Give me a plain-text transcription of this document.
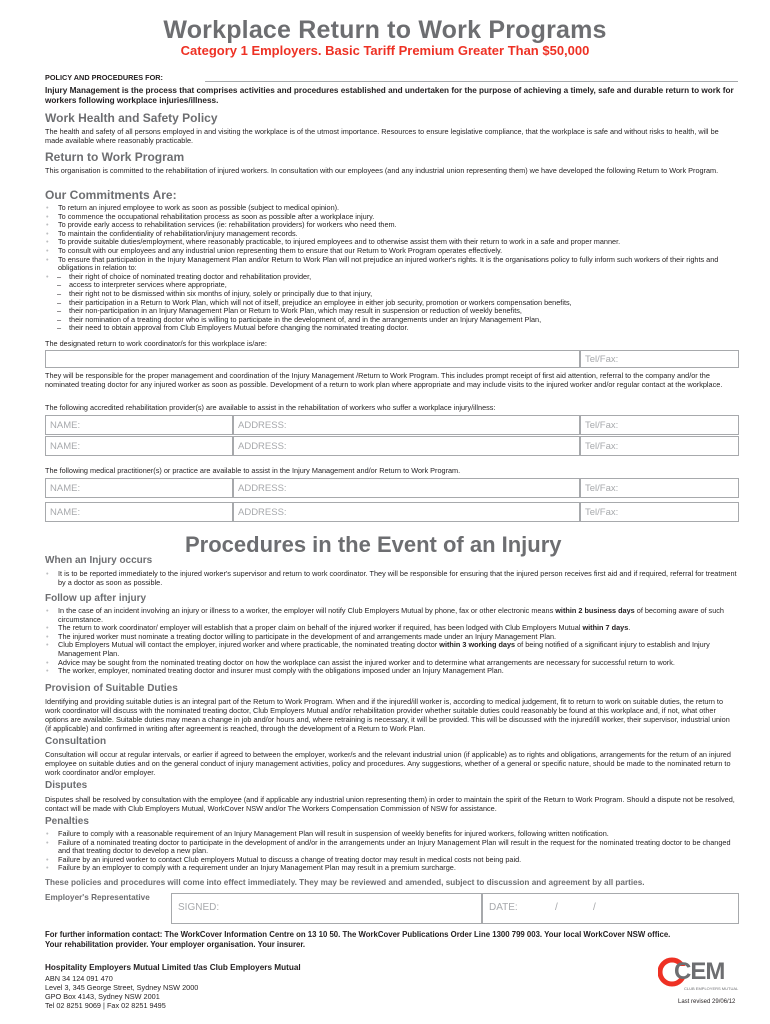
Workplace Return to Work Programs
Category 1 Employers. Basic Tariff Premium Greater Than $50,000
POLICY AND PROCEDURES FOR:
Injury Management is the process that comprises activities and procedures established and undertaken for the purpose of achieving a timely, safe and durable return to work for workers following workplace injuries/illness.
Work Health and Safety Policy
The health and safety of all persons employed in and visiting the workplace is of the utmost importance. Resources to ensure legislative compliance, that the workplace is safe and without risks to health, will be made available where reasonably practicable.
Return to Work Program
This organisation is committed to the rehabilitation of injured workers. In consultation with our employees (and any industrial union representing them) we have developed the following Return to Work Program.
Our Commitments Are:
• To return an injured employee to work as soon as possible (subject to medical opinion).
• To commence the occupational rehabilitation process as soon as possible after a workplace injury.
• To provide early access to rehabilitation services (ie: rehabilitation providers) for workers who need them.
• To maintain the confidentiality of rehabilitation/injury management records.
• To provide suitable duties/employment, where reasonably practicable, to injured employees and to otherwise assist them with their return to work in a safe and proper manner.
• To consult with our employees and any industrial union representing them to ensure that our Return to Work Program operates effectively.
• To ensure that participation in the Injury Management Plan and/or Return to Work Plan will not prejudice an injured worker's rights. It is the organisations policy to fully inform such workers of their rights and obligations in relation to:
– • their right of choice of nominated treating doctor and rehabilitation provider,
– access to interpreter services where appropriate,
– their right not to be dismissed within six months of injury, solely or principally due to that injury,
– their participation in a Return to Work Plan, which will not of itself, prejudice an employee in either job security, promotion or workers compensation benefits,
– their non-participation in an Injury Management Plan or Return to Work Plan, which may result in suspension or reduction of weekly benefits,
– their nomination of a treating doctor who is willing to participate in the development of, and in the arrangements under an Injury Management Plan,
– their need to obtain approval from Club Employers Mutual before changing the nominated treating doctor.
The designated return to work coordinator/s for this workplace is/are:
Tel/Fax:
They will be responsible for the proper management and coordination of the Injury Management /Return to Work Program. This includes prompt receipt of first aid attention, referral to the company and/or the nominated treating doctor for any injured worker as soon as possible. Development of a return to work plan where appropriate and may include visits to the injured worker and/or regular contact at the workplace.
The following accredited rehabilitation provider(s) are available to assist in the rehabilitation of workers who suffer a workplace injury/illness:
NAME:	ADDRESS:	Tel/Fax:
NAME:	ADDRESS:	Tel/Fax:
The following medical practitioner(s) or practice are available to assist in the Injury Management and/or Return to Work Program.
NAME:	ADDRESS:	Tel/Fax:
NAME:	ADDRESS:	Tel/Fax:
Procedures in the Event of an Injury
When an Injury occurs
• It is to be reported immediately to the injured worker's supervisor and return to work coordinator. They will be responsible for ensuring that the injured person receives first aid and if required, referral for treatment by a doctor as soon as possible.
Follow up after injury
• In the case of an incident involving an injury or illness to a worker, the employer will notify Club Employers Mutual by phone, fax or other electronic means within 2 business days of becoming aware of such circumstance.
• The return to work coordinator/ employer will establish that a proper claim on behalf of the injured worker if required, has been lodged with Club Employers Mutual within 7 days.
• The injured worker must nominate a treating doctor willing to participate in the development of and arrangements made under an Injury Management Plan.
• Club Employers Mutual will contact the employer, injured worker and where practicable, the nominated treating doctor within 3 working days of being notified of a significant injury to establish and Injury Management Plan.
• Advice may be sought from the nominated treating doctor on how the workplace can assist the injured worker and to determine what arrangements are necessary for successful return to work.
• The worker, employer, nominated treating doctor and insurer must comply with the obligations imposed under an Injury Management Plan.
Provision of Suitable Duties
Identifying and providing suitable duties is an integral part of the Return to Work Program. When and if the injured/ill worker is, according to medical judgement, fit to return to work on suitable duties, the return to work coordinator will discuss with the nominated treating doctor, Club Employers Mutual and/or rehabilitation provider whether suitable duties could reasonably be found at this workplace and, if not, what other options are available. Suitable duties may mean a change in job and/or hours and, where retraining is necessary, it will be provided. This will be discussed with the injured/ill worker, their supervisor, industrial union (if applicable) and confirmed in writing after agreement is reached, through the development of a Return to Work Plan.
Consultation
Consultation will occur at regular intervals, or earlier if agreed to between the employer, worker/s and the relevant industrial union (if applicable) as to rights and obligations, arrangements for the return of an injured employee on suitable duties and on the general conduct of injury management activities, policy and procedures. Any suggestions, whether of a general or specific nature, should be made to the nominated return to work coordinator and/or employer.
Disputes
Disputes shall be resolved by consultation with the employee (and if applicable any industrial union representing them) in order to maintain the spirit of the Return to Work Program. Should a dispute not be resolved, contact will be made with Club Employers Mutual, WorkCover NSW and/or The Workers Compensation Commission of NSW for assistance.
Penalties
• Failure to comply with a reasonable requirement of an Injury Management Plan will result in suspension of weekly benefits for injured workers, following written notification.
• Failure of a nominated treating doctor to participate in the development of and/or in the arrangements under an Injury Management Plan will result in the request for the nominated treating doctor to be changed and that treating doctor to develop a new plan.
• Failure by an injured worker to contact Club employers Mutual to discuss a change of treating doctor may result in medical costs not being paid.
• Failure by an employer to comply with a requirement under an Injury Management Plan may result in a premium surcharge.
These policies and procedures will come into effect immediately. They may be reviewed and amended, subject to discussion and agreement by all parties.
Employer's Representative
SIGNED:	DATE:	/	/
For further information contact: The WorkCover Information Centre on 13 10 50. The WorkCover Publications Order Line 1300 799 003. Your local WorkCover NSW office.
Your rehabilitation provider. Your employer organisation. Your insurer.
Hospitality Employers Mutual Limited t/as Club Employers Mutual
ABN 34 124 091 470
Level 3, 345 George Street, Sydney NSW 2000
GPO Box 4143, Sydney NSW 2001
Tel 02 8251 9069 | Fax 02 8251 9495
CEM
CLUB EMPLOYERS MUTUAL
Last revised 29/06/12
